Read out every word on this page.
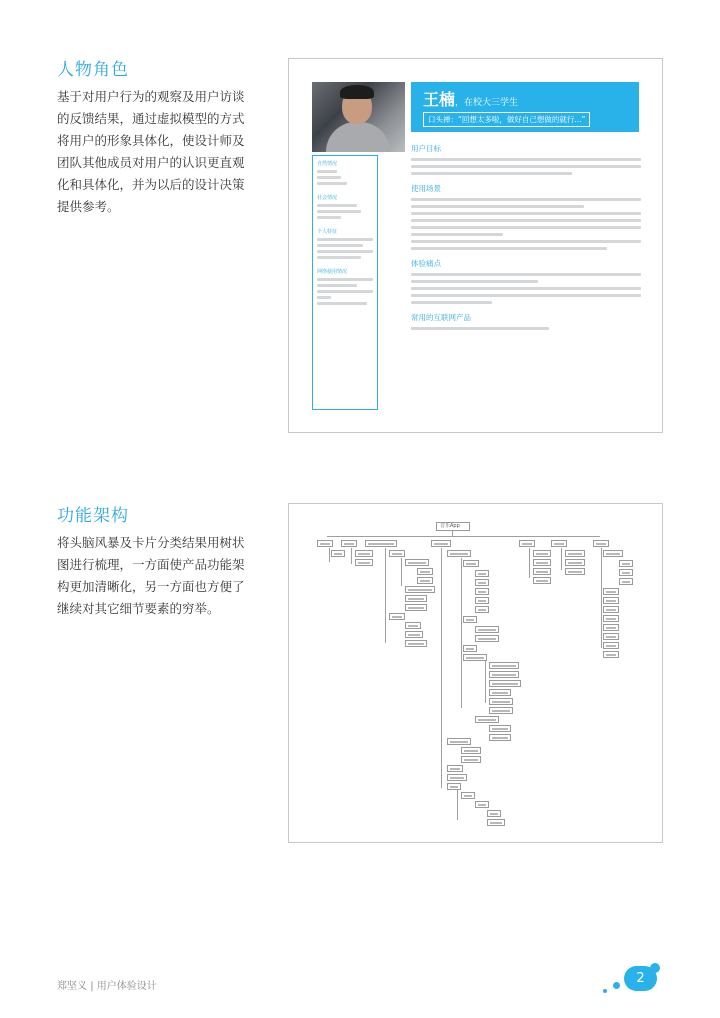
人物角色
基于对用户行为的观察及用户访谈的反馈结果，通过虚拟模型的方式将用户的形象具体化，使设计师及团队其他成员对用户的认识更直观化和具体化，并为以后的设计决策提供参考。
王楠，在校大三学生
口头禅：“回想太多啦，做好自己想做的就行...”
自然情况
社会情况
个人特征
网络使用情况
用户目标
使用场景
体验痛点
常用的互联网产品
功能架构
将头脑风暴及卡片分类结果用树状图进行梳理，一方面使产品功能架构更加清晰化，另一方面也方便了继续对其它细节要素的穷举。
音乐App
郑坚义 | 用户体验设计
2
